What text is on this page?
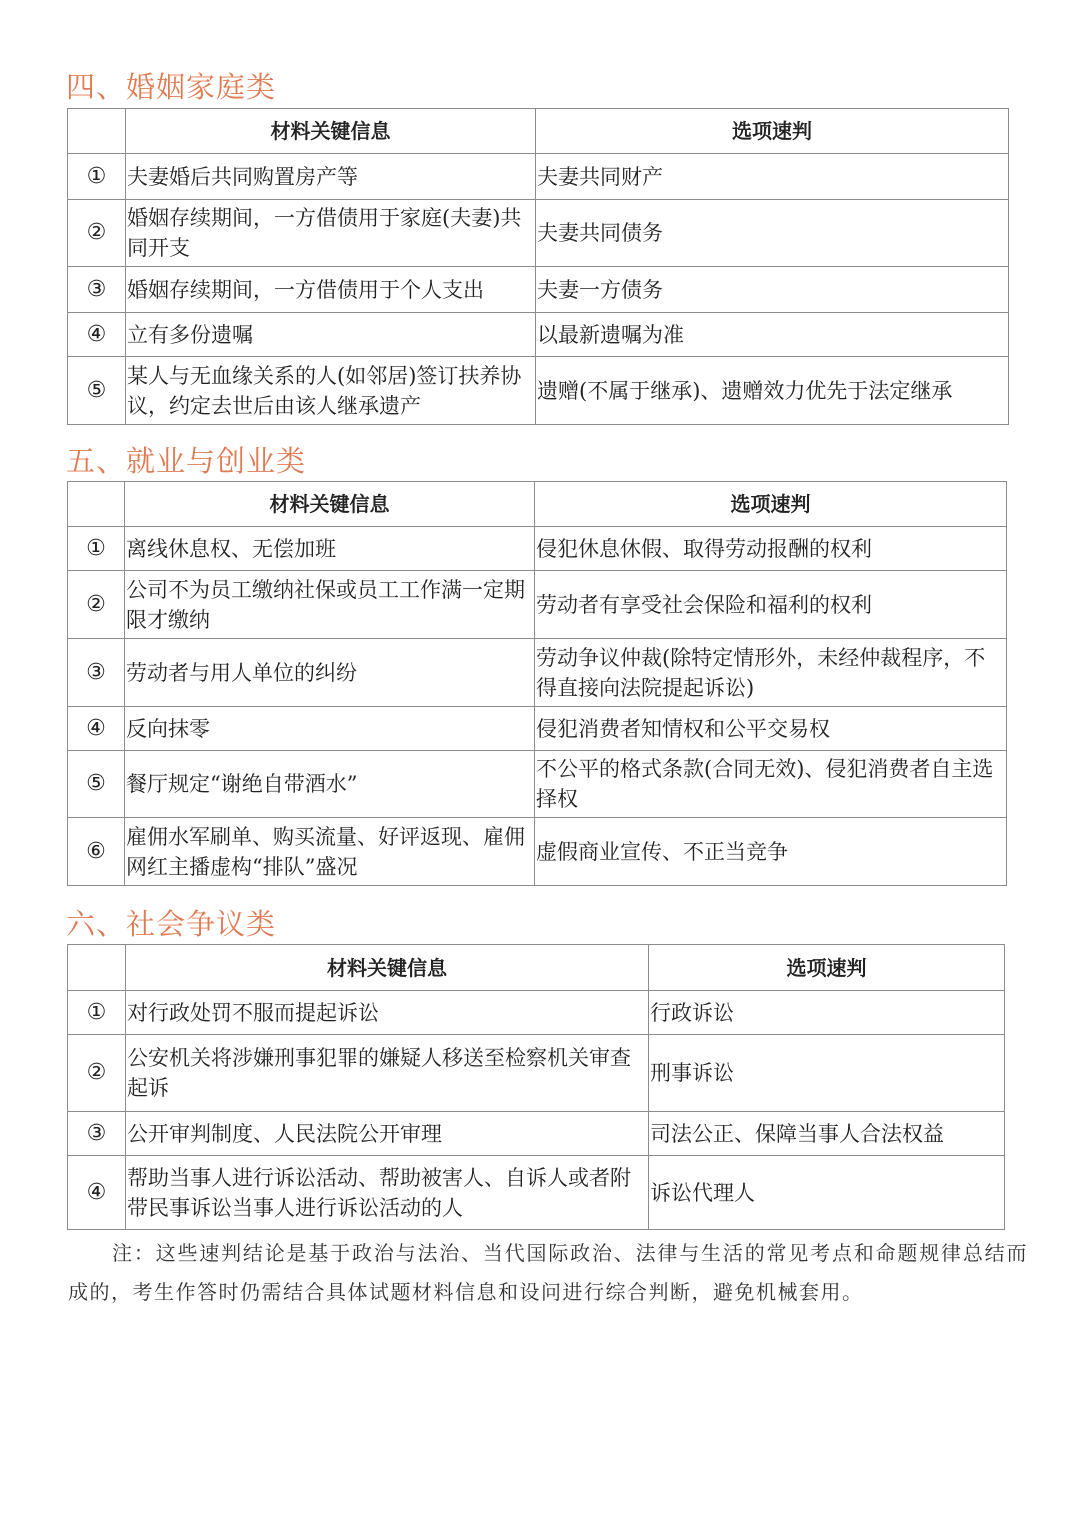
四、婚姻家庭类
	材料关键信息	选项速判
①	夫妻婚后共同购置房产等	夫妻共同财产
②	婚姻存续期间，一方借债用于家庭(夫妻)共同开支	夫妻共同债务
③	婚姻存续期间，一方借债用于个人支出	夫妻一方债务
④	立有多份遗嘱	以最新遗嘱为准
⑤	某人与无血缘关系的人(如邻居)签订扶养协议，约定去世后由该人继承遗产	遗赠(不属于继承)、遗赠效力优先于法定继承
五、就业与创业类
	材料关键信息	选项速判
①	离线休息权、无偿加班	侵犯休息休假、取得劳动报酬的权利
②	公司不为员工缴纳社保或员工工作满一定期限才缴纳	劳动者有享受社会保险和福利的权利
③	劳动者与用人单位的纠纷	劳动争议仲裁(除特定情形外，未经仲裁程序，不得直接向法院提起诉讼)
④	反向抹零	侵犯消费者知情权和公平交易权
⑤	餐厅规定“谢绝自带酒水”	不公平的格式条款(合同无效)、侵犯消费者自主选择权
⑥	雇佣水军刷单、购买流量、好评返现、雇佣网红主播虚构“排队”盛况	虚假商业宣传、不正当竞争
六、社会争议类
	材料关键信息	选项速判
①	对行政处罚不服而提起诉讼	行政诉讼
②	公安机关将涉嫌刑事犯罪的嫌疑人移送至检察机关审查起诉	刑事诉讼
③	公开审判制度、人民法院公开审理	司法公正、保障当事人合法权益
④	帮助当事人进行诉讼活动、帮助被害人、自诉人或者附带民事诉讼当事人进行诉讼活动的人	诉讼代理人
注：这些速判结论是基于政治与法治、当代国际政治、法律与生活的常见考点和命题规律总结而成的，考生作答时仍需结合具体试题材料信息和设问进行综合判断，避免机械套用。
